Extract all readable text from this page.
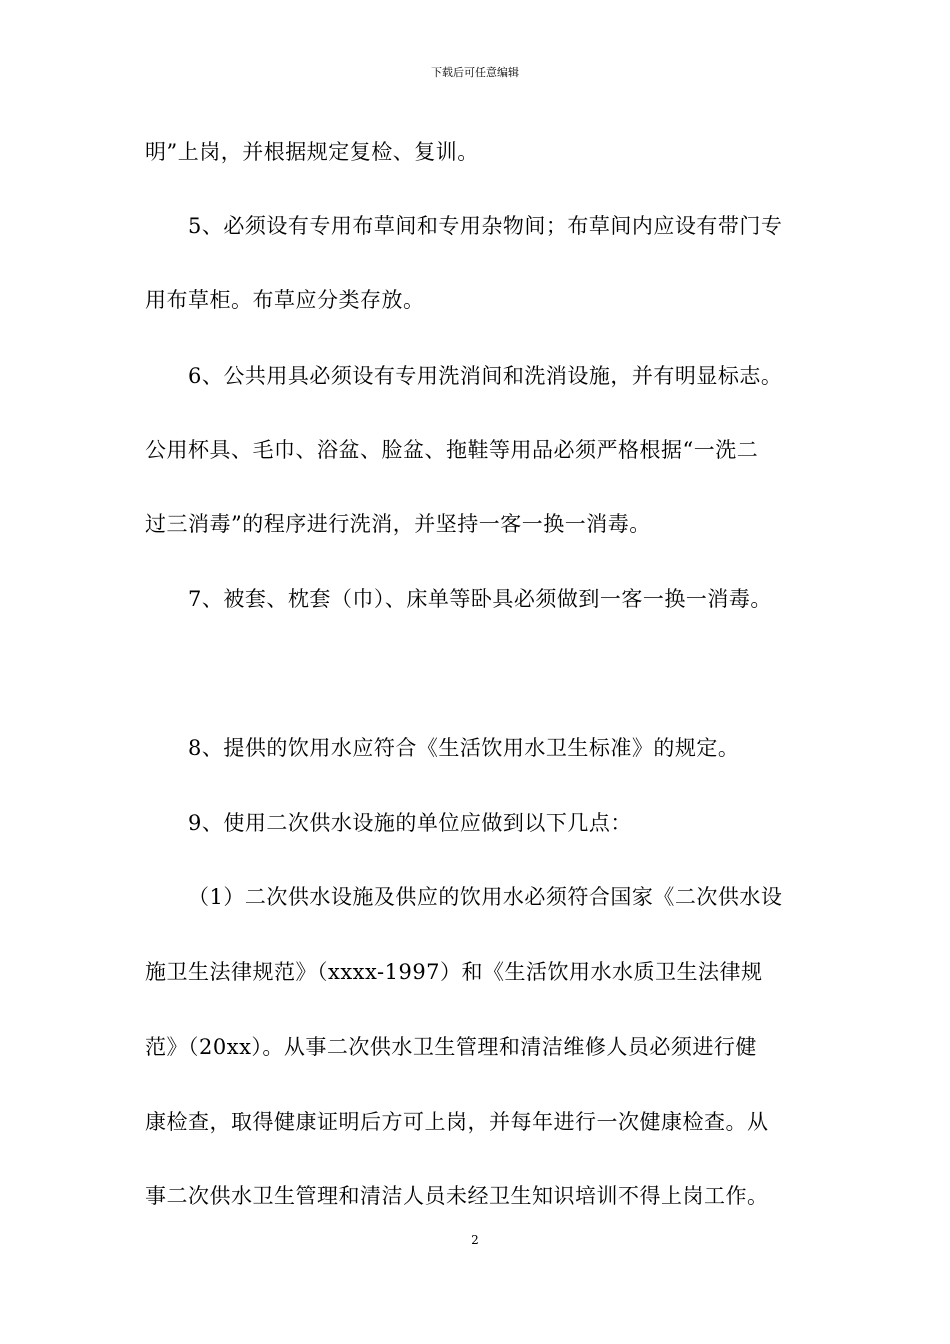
下载后可任意编辑
明”上岗，并根据规定复检、复训。
5、必须设有专用布草间和专用杂物间；布草间内应设有带门专
用布草柜。布草应分类存放。
6、公共用具必须设有专用洗消间和洗消设施，并有明显标志。
公用杯具、毛巾、浴盆、脸盆、拖鞋等用品必须严格根据“一洗二
过三消毒”的程序进行洗消，并坚持一客一换一消毒。
7、被套、枕套（巾）、床单等卧具必须做到一客一换一消毒。
8、提供的饮用水应符合《生活饮用水卫生标准》的规定。
9、使用二次供水设施的单位应做到以下几点：
（1）二次供水设施及供应的饮用水必须符合国家《二次供水设
施卫生法律规范》（xxxx-1997）和《生活饮用水水质卫生法律规
范》（20xx）。从事二次供水卫生管理和清洁维修人员必须进行健
康检查，取得健康证明后方可上岗，并每年进行一次健康检查。从
事二次供水卫生管理和清洁人员未经卫生知识培训不得上岗工作。
2
